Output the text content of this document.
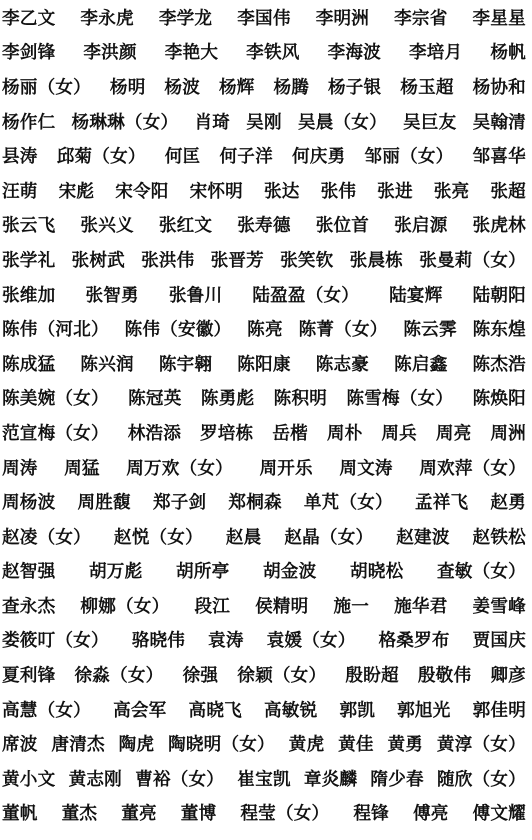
李乙文 李永虎 李学龙 李国伟 李明洲 李宗省 李星星
李剑锋 李洪颜 李艳大 李铁风 李海波 李培月 杨帆
杨丽（女） 杨明 杨波 杨辉 杨腾 杨子银 杨玉超 杨协和
杨作仁 杨琳琳（女） 肖琦 吴刚 吴晨（女） 吴巨友 吴翰清
县涛 邱菊（女） 何匡 何子洋 何庆勇 邹丽（女） 邹喜华
汪萌 宋彪 宋令阳 宋怀明 张达 张伟 张进 张亮 张超
张云飞 张兴义 张红文 张寿德 张位首 张启源 张虎林
张学礼 张树武 张洪伟 张晋芳 张笑钦 张晨栋 张曼莉（女）
张维加 张智勇 张鲁川 陆盈盈（女） 陆宴辉 陆朝阳
陈伟（河北） 陈伟（安徽） 陈亮 陈菁（女） 陈云霁 陈东煌
陈成猛 陈兴润 陈宇翱 陈阳康 陈志豪 陈启鑫 陈杰浩
陈美婉（女） 陈冠英 陈勇彪 陈积明 陈雪梅（女） 陈焕阳
范宣梅（女） 林浩添 罗培栋 岳楷 周朴 周兵 周亮 周洲
周涛 周猛 周万欢（女） 周开乐 周文涛 周欢萍（女）
周杨波 周胜馥 郑子剑 郑桐森 单芃（女） 孟祥飞 赵勇
赵凌（女） 赵悦（女） 赵晨 赵晶（女） 赵建波 赵铁松
赵智强 胡万彪 胡所亭 胡金波 胡晓松 查敏（女）
查永杰 柳娜（女） 段江 侯精明 施一 施华君 姜雪峰
娄筱叮（女） 骆晓伟 袁涛 袁媛（女） 格桑罗布 贾国庆
夏利锋 徐淼（女） 徐强 徐颖（女） 殷盼超 殷敬伟 卿彦
高慧（女） 高会军 高晓飞 高敏锐 郭凯 郭旭光 郭佳明
席波 唐清杰 陶虎 陶晓明（女） 黄虎 黄佳 黄勇 黄淳（女）
黄小文 黄志刚 曹裕（女） 崔宝凯 章炎麟 隋少春 随欣（女）
董帆 董杰 董亮 董博 程莹（女） 程锋 傅亮 傅文耀
